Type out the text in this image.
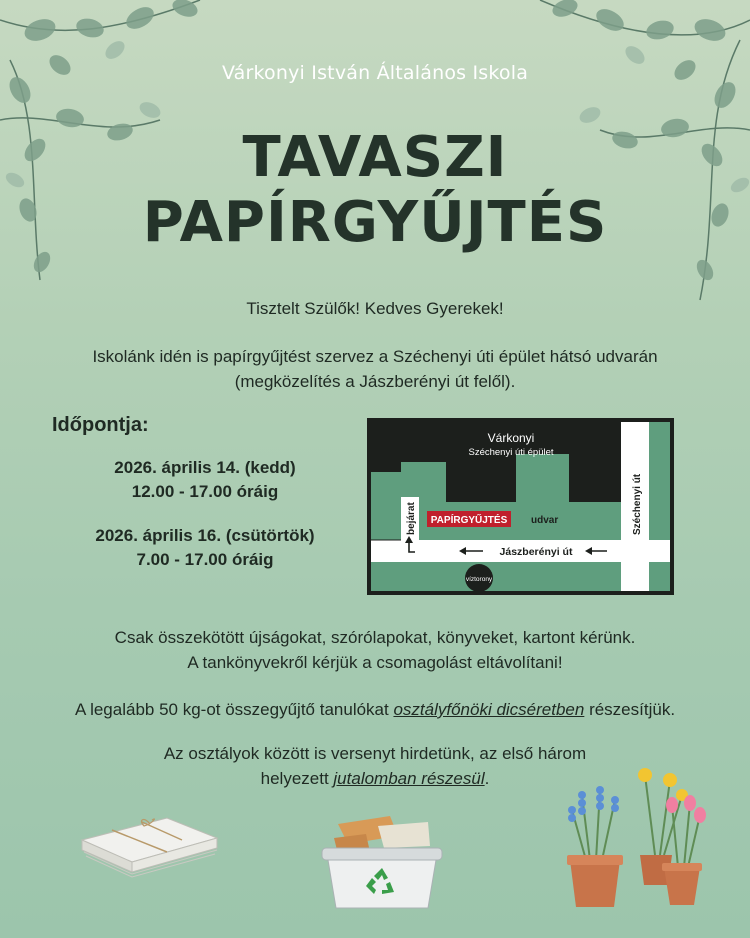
Várkonyi István Általános Iskola
TAVASZI
PAPÍRGYŰJTÉS
Tisztelt Szülők! Kedves Gyerekek!
Iskolánk idén is papírgyűjtést szervez a Széchenyi úti épület hátsó udvarán
(megközelítés a Jászberényi út felől).
Időpontja:
2026. április 14. (kedd)
12.00 - 17.00 óráig
2026. április 16. (csütörtök)
7.00 - 17.00 óráig
PAPÍRGYŰJTÉS udvar
Várkonyi
Széchenyi úti épület
bejárat
Jászberényi út
Széchenyi út
víztorony
Csak összekötött újságokat, szórólapokat, könyveket, kartont kérünk.
A tankönyvekről kérjük a csomagolást eltávolítani!
A legalább 50 kg-ot összegyűjtő tanulókat osztályfőnöki dicséretben részesítjük.
Az osztályok között is versenyt hirdetünk, az első három
helyezett jutalomban részesül.
